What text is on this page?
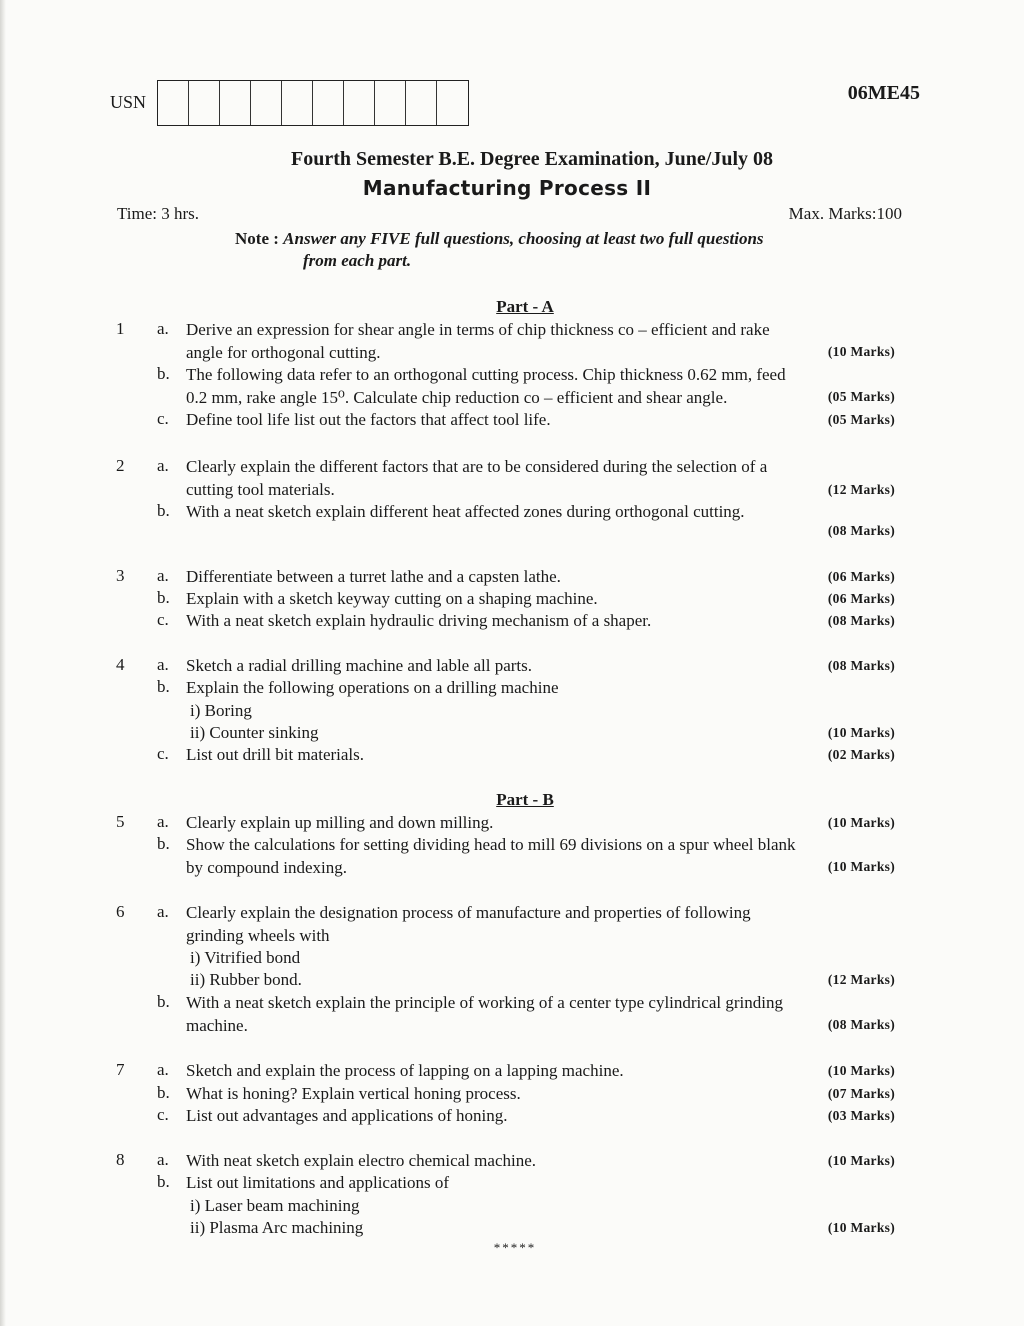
USN	06ME45
Fourth Semester B.E. Degree Examination, June/July 08
Manufacturing Process II
Time: 3 hrs.	Max. Marks:100
Note : Answer any FIVE full questions, choosing at least two full questions
from each part.
Part - A
1 a. Derive an expression for shear angle in terms of chip thickness co – efficient and rake
angle for orthogonal cutting.	(10 Marks)
b. The following data refer to an orthogonal cutting process. Chip thickness 0.62 mm, feed
0.2 mm, rake angle 15⁰. Calculate chip reduction co – efficient and shear angle.	(05 Marks)
c. Define tool life list out the factors that affect tool life.	(05 Marks)
2 a. Clearly explain the different factors that are to be considered during the selection of a
cutting tool materials.	(12 Marks)
b. With a neat sketch explain different heat affected zones during orthogonal cutting.
(08 Marks)
3 a. Differentiate between a turret lathe and a capsten lathe.	(06 Marks)
b. Explain with a sketch keyway cutting on a shaping machine.	(06 Marks)
c. With a neat sketch explain hydraulic driving mechanism of a shaper.	(08 Marks)
4 a. Sketch a radial drilling machine and lable all parts.	(08 Marks)
b. Explain the following operations on a drilling machine
i) Boring
ii) Counter sinking	(10 Marks)
c. List out drill bit materials.	(02 Marks)
Part - B
5 a. Clearly explain up milling and down milling.	(10 Marks)
b. Show the calculations for setting dividing head to mill 69 divisions on a spur wheel blank
by compound indexing.	(10 Marks)
6 a. Clearly explain the designation process of manufacture and properties of following
grinding wheels with
i) Vitrified bond
ii) Rubber bond.	(12 Marks)
b. With a neat sketch explain the principle of working of a center type cylindrical grinding
machine.	(08 Marks)
7 a. Sketch and explain the process of lapping on a lapping machine.	(10 Marks)
b. What is honing? Explain vertical honing process.	(07 Marks)
c. List out advantages and applications of honing.	(03 Marks)
8 a. With neat sketch explain electro chemical machine.	(10 Marks)
b. List out limitations and applications of
i) Laser beam machining
ii) Plasma Arc machining	(10 Marks)
*****
